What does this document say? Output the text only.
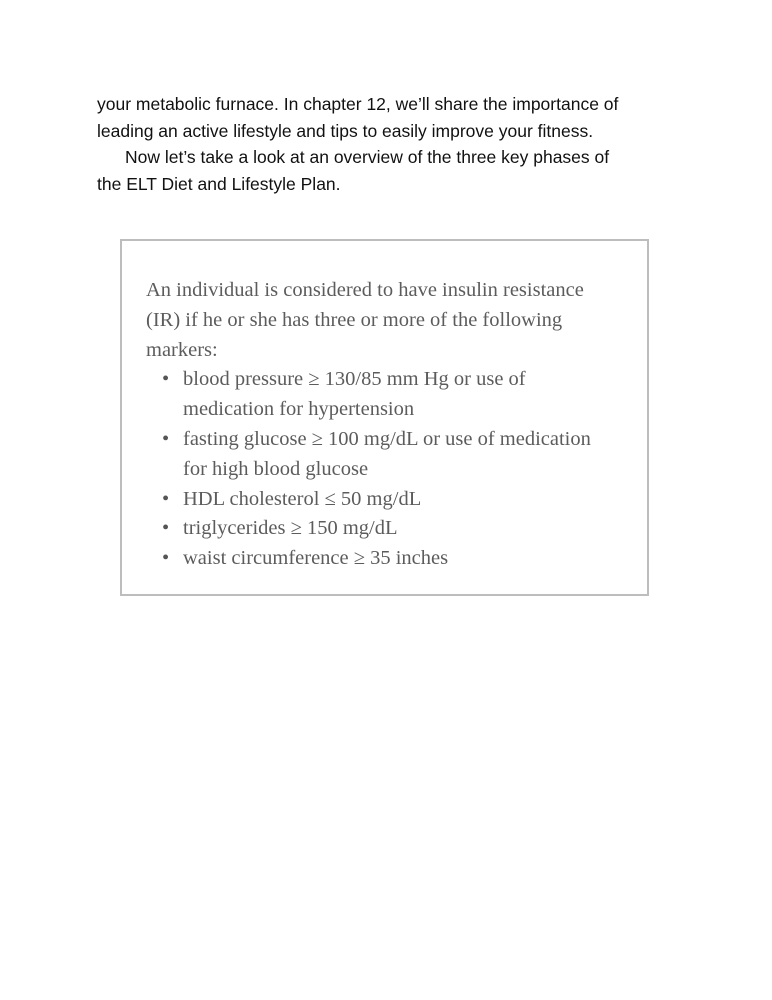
your metabolic furnace. In chapter 12, we’ll share the importance of

leading an active lifestyle and tips to easily improve your fitness.

Now let’s take a look at an overview of the three key phases of

the ELT Diet and Lifestyle Plan.

An individual is considered to have insulin resistance
(IR) if he or she has three or more of the following
markers:

• blood pressure ≥ 130/85 mm Hg or use of
medication for hypertension
• fasting glucose ≥ 100 mg/dL or use of medication
for high blood glucose
• HDL cholesterol ≤ 50 mg/dL
• triglycerides ≥ 150 mg/dL
• waist circumference ≥ 35 inches
